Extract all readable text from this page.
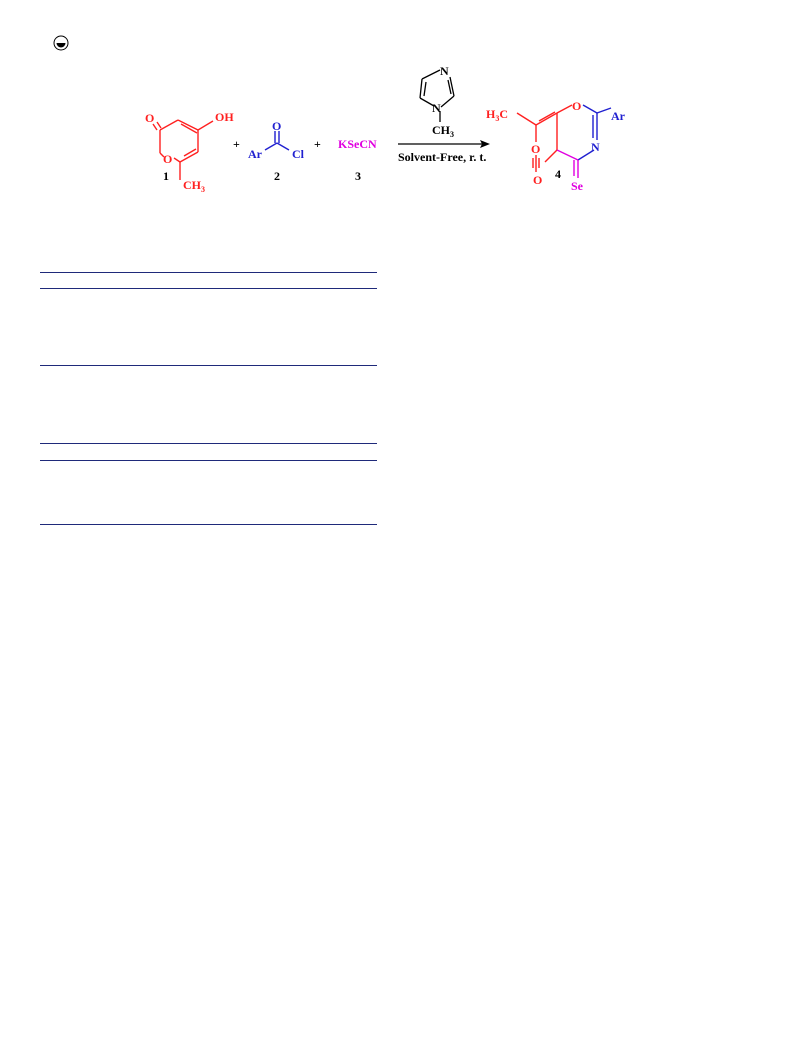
O
O
OH
$CH_3$
1
+
O
Ar	Cl
2
+ KSeCN
3
N
N
$CH_3$
Solvent-Free, r. t.
$H_3C$
O
Ar
N
O
O Se
4
